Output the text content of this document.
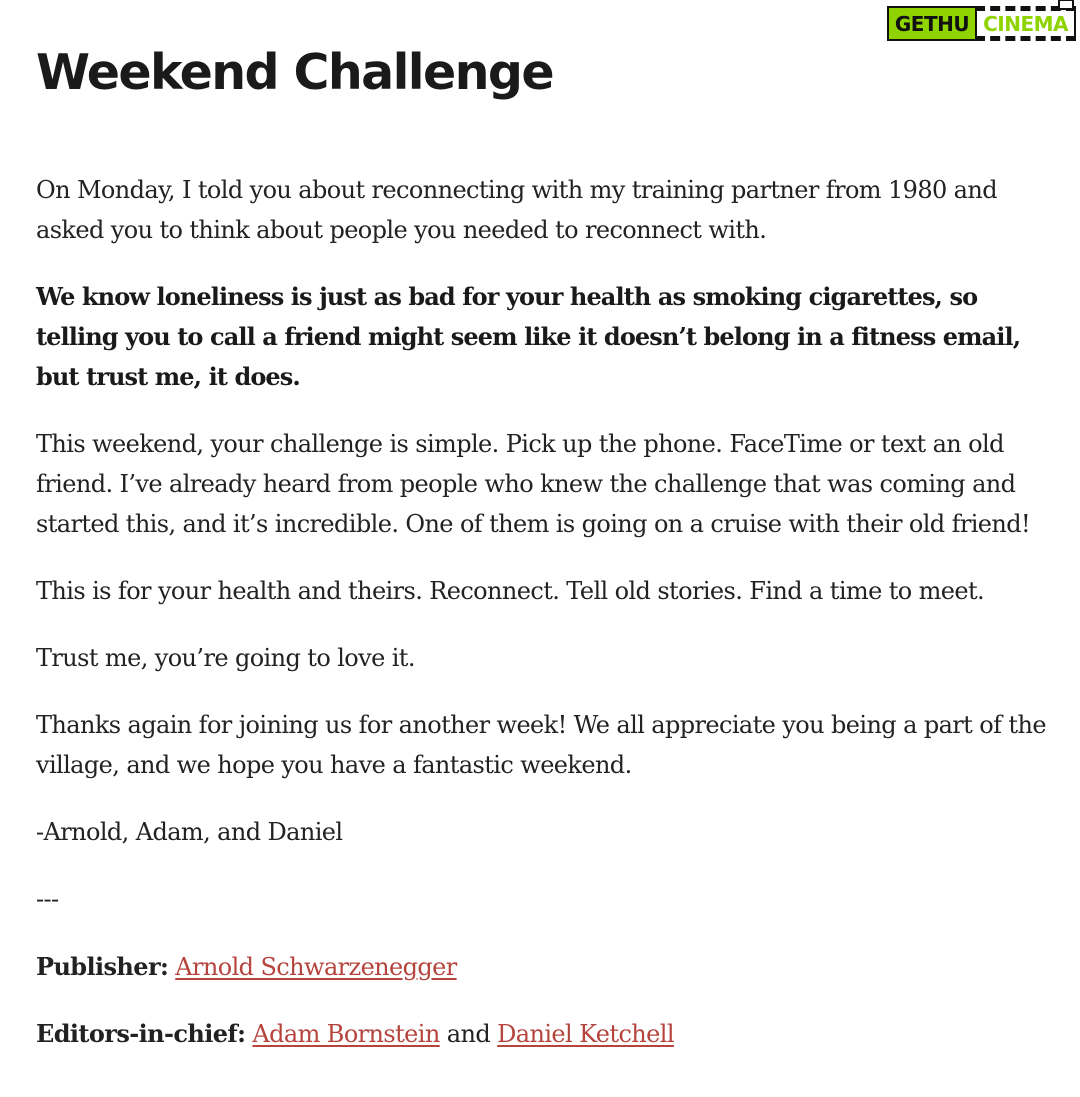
GETHU CINEMA
Weekend Challenge

On Monday, I told you about reconnecting with my training partner from 1980 and asked you to think about people you needed to reconnect with.

We know loneliness is just as bad for your health as smoking cigarettes, so telling you to call a friend might seem like it doesn’t belong in a fitness email, but trust me, it does.

This weekend, your challenge is simple. Pick up the phone. FaceTime or text an old friend. I’ve already heard from people who knew the challenge that was coming and started this, and it’s incredible. One of them is going on a cruise with their old friend!

This is for your health and theirs. Reconnect. Tell old stories. Find a time to meet.

Trust me, you’re going to love it.

Thanks again for joining us for another week! We all appreciate you being a part of the village, and we hope you have a fantastic weekend.

-Arnold, Adam, and Daniel

---

Publisher: Arnold Schwarzenegger

Editors-in-chief: Adam Bornstein and Daniel Ketchell
